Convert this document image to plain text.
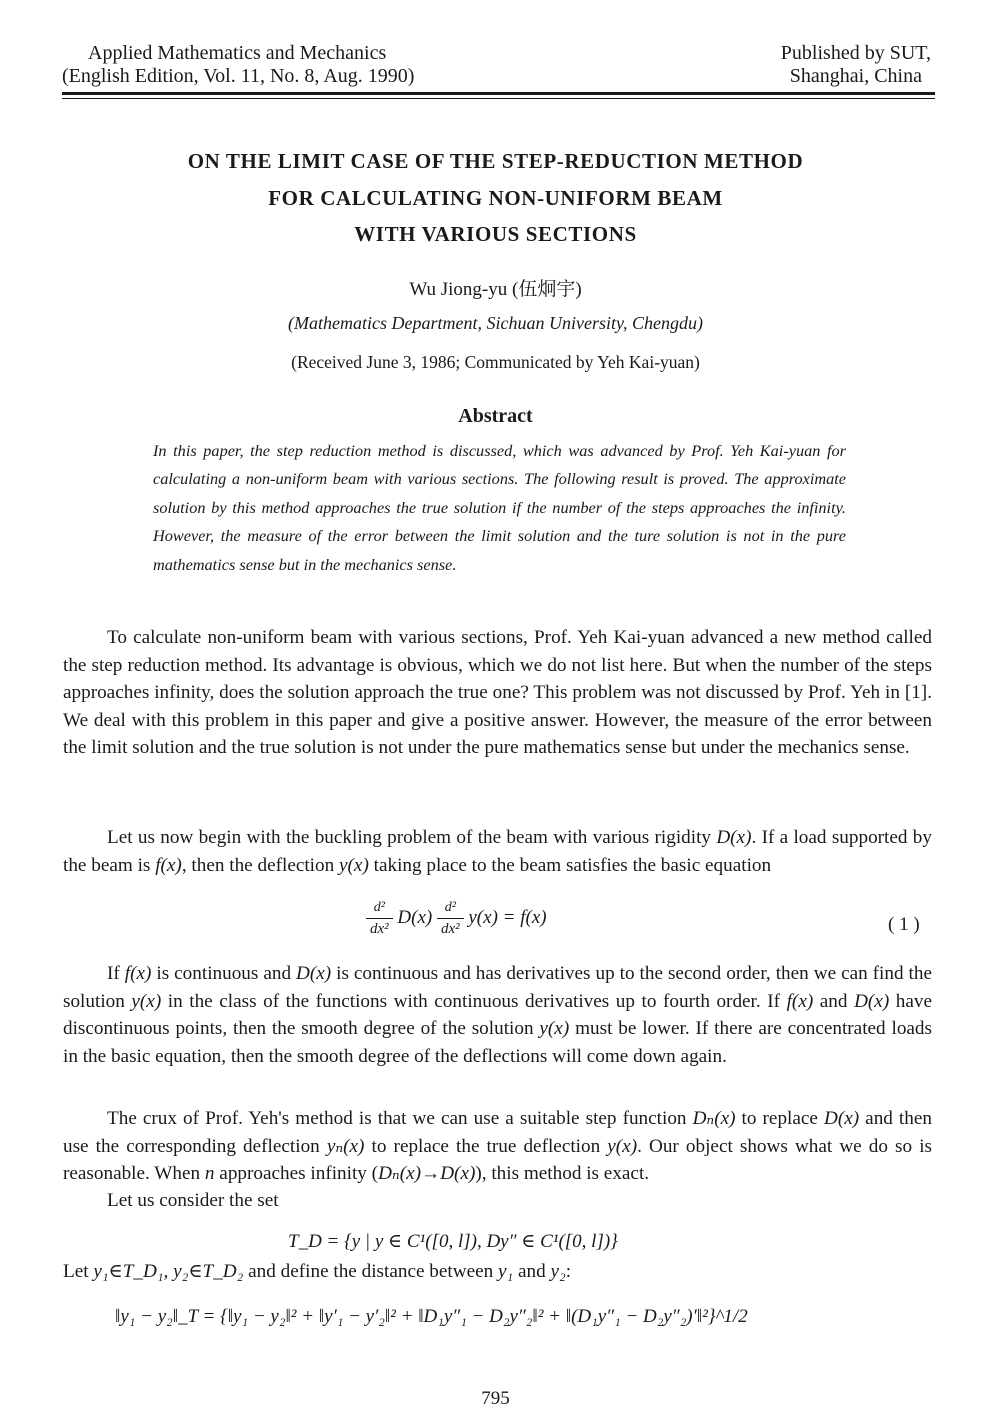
Applied Mathematics and Mechanics
(English Edition, Vol. 11, No. 8, Aug. 1990)
Published by SUT,
Shanghai, China
ON THE LIMIT CASE OF THE STEP-REDUCTION METHOD
FOR CALCULATING NON-UNIFORM BEAM
WITH VARIOUS SECTIONS
Wu Jiong-yu (伍炯宇)
(Mathematics Department, Sichuan University, Chengdu)
(Received June 3, 1986; Communicated by Yeh Kai-yuan)
Abstract
In this paper, the step reduction method is discussed, which was advanced by Prof. Yeh Kai-yuan for calculating a non-uniform beam with various sections. The following result is proved. The approximate solution by this method approaches the true solution if the number of the steps approaches the infinity. However, the measure of the error between the limit solution and the ture solution is not in the pure mathematics sense but in the mechanics sense.

To calculate non-uniform beam with various sections, Prof. Yeh Kai-yuan advanced a new method called the step reduction method. Its advantage is obvious, which we do not list here. But when the number of the steps approaches infinity, does the solution approach the true one? This problem was not discussed by Prof. Yeh in [1]. We deal with this problem in this paper and give a positive answer. However, the measure of the error between the limit solution and the true solution is not under the pure mathematics sense but under the mechanics sense.

Let us now begin with the buckling problem of the beam with various rigidity D(x). If a load supported by the beam is f(x), then the deflection y(x) taking place to the beam satisfies the basic equation

$\frac{\text{d²}}{\text{dx²}} D(x) \frac{\text{d²}}{\text{dx²}} y(x) = f(x)$	( 1 )

If f(x) is continuous and D(x) is continuous and has derivatives up to the second order, then we can find the solution y(x) in the class of the functions with continuous derivatives up to fourth order. If f(x) and D(x) have discontinuous points, then the smooth degree of the solution y(x) must be lower. If there are concentrated loads in the basic equation, then the smooth degree of the deflections will come down again.

The crux of Prof. Yeh's method is that we can use a suitable step function Dₙ(x) to replace D(x) and then use the corresponding deflection yₙ(x) to replace the true deflection y(x). Our object shows what we do so is reasonable. When n approaches infinity (Dₙ(x)→D(x)), this method is exact.

Let us consider the set

T_D = {y | y ∈ C¹([0, l]), Dy″ ∈ C¹([0, l])}
Let y₁∈T_D₁, y₂∈T_D₂ and define the distance between y₁ and y₂:
‖y₁ − y₂‖_T = {‖y₁ − y₂‖² + ‖y′₁ − y′₂‖² + ‖D₁y″₁ − D₂y″₂‖² + ‖(D₁y″₁ − D₂y″₂)′‖²}^1/2
795
